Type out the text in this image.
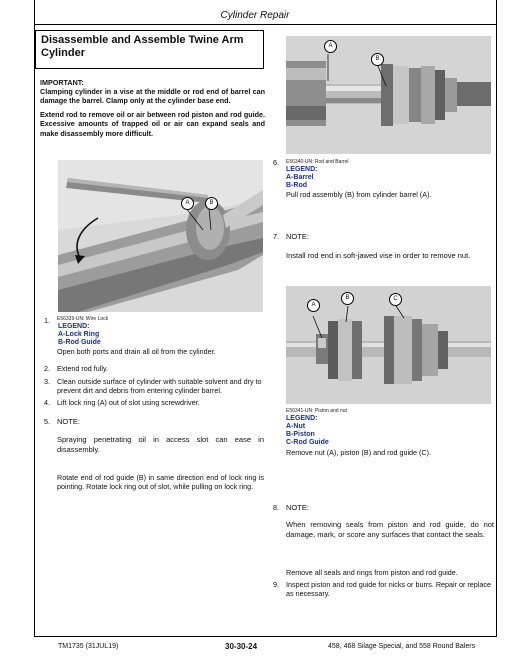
Cylinder Repair
Disassemble and Assemble Twine Arm Cylinder
IMPORTANT:
Clamping cylinder in a vise at the middle or rod end of barrel can damage the barrel. Clamp only at the cylinder base end.
Extend rod to remove oil or air between rod piston and rod guide. Excessive amounts of trapped oil or air can expand seals and make disassembly more difficult.
A	B
1. E56339-UN: Wire Lock
LEGEND:
A-Lock Ring
B-Rod Guide
Open both ports and drain all oil from the cylinder.
2. Extend rod fully.
3. Clean outside surface of cylinder with suitable solvent and dry to prevent dirt and debris from entering cylinder barrel.
4. Lift lock ring (A) out of slot using screwdriver.
5. NOTE:
Spraying penetrating oil in access slot can ease in disassembly.
Rotate end of rod guide (B) in same direction end of lock ring is pointing. Rotate lock ring out of slot, while pulling on lock ring.
A
B
6. E56340-UN: Rod and Barrel
LEGEND:
A-Barrel
B-Rod
Pull rod assembly (B) from cylinder barrel (A).
7. NOTE:
Install rod end in soft-jawed vise in order to remove nut.
A
B	C
E56341-UN: Piston and nut
LEGEND:
A-Nut
B-Piston
C-Rod Guide
Remove nut (A), piston (B) and rod guide (C).
8. NOTE:
When removing seals from piston and rod guide, do not damage, mark, or score any surfaces that contact the seals.
Remove all seals and rings from piston and rod guide.
9. Inspect piston and rod guide for nicks or burrs. Repair or replace as necessary.
TM1735 (31JUL19)	30-30-24	458, 468 Silage Special, and 558 Round Balers
